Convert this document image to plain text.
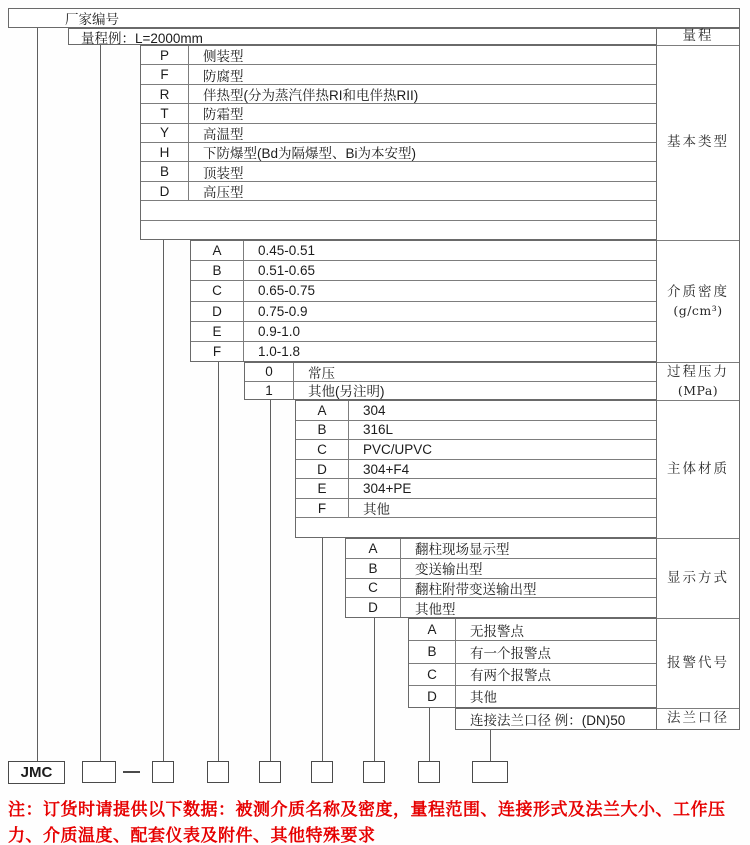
厂家编号
量程例：L=2000mm
P	侧装型
F	防腐型
R	伴热型(分为蒸汽伴热RI和电伴热RII)
T	防霜型
Y	高温型
H	下防爆型(Bd为隔爆型、Bi为本安型)
B	顶装型
D	高压型
A	0.45-0.51
B	0.51-0.65
C	0.65-0.75
D	0.75-0.9
E	0.9-1.0
F	1.0-1.8
0	常压
1	其他(另注明)
A	304
B	316L
C	PVC/UPVC
D	304+F4
E	304+PE
F	其他
A	翻柱现场显示型
B	变送输出型
C	翻柱附带变送输出型
D	其他型
A	无报警点
B	有一个报警点
C	有两个报警点
D	其他
连接法兰口径 例：(DN)50
量程
基本类型
介质密度
(g/cm³)
过程压力
(MPa)
主体材质
显示方式
报警代号
法兰口径
JMC
注：订货时请提供以下数据：被测介质名称及密度，量程范围、连接形式及法兰大小、工作压力、介质温度、配套仪表及附件、其他特殊要求
